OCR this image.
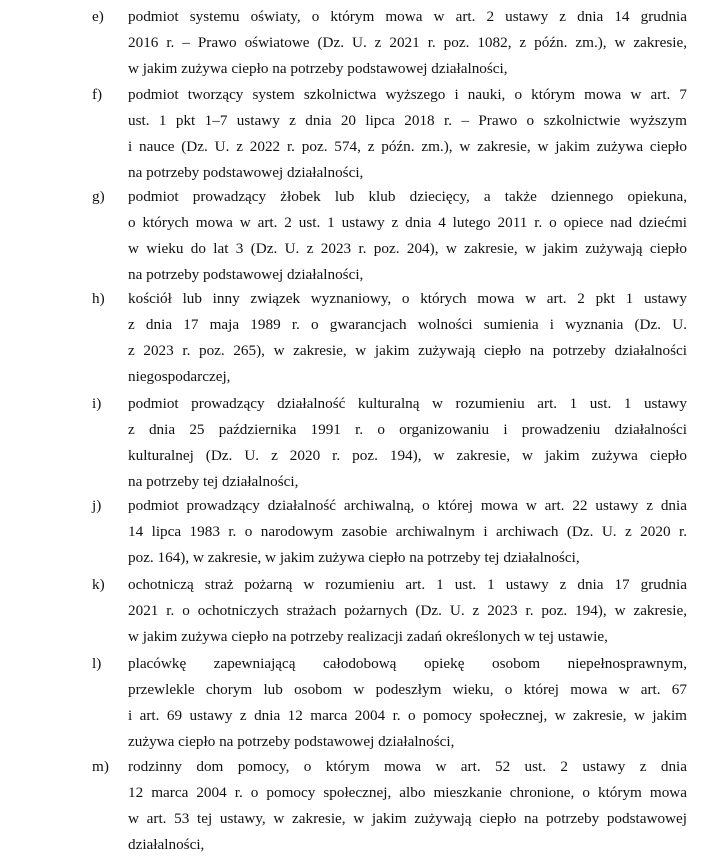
e) podmiot systemu oświaty, o którym mowa w art. 2 ustawy z dnia 14 grudnia
2016 r. – Prawo oświatowe (Dz. U. z 2021 r. poz. 1082, z późn. zm.), w zakresie,
w jakim zużywa ciepło na potrzeby podstawowej działalności,
f) podmiot tworzący system szkolnictwa wyższego i nauki, o którym mowa w art. 7
ust. 1 pkt 1–7 ustawy z dnia 20 lipca 2018 r. – Prawo o szkolnictwie wyższym
i nauce (Dz. U. z 2022 r. poz. 574, z późn. zm.), w zakresie, w jakim zużywa ciepło
na potrzeby podstawowej działalności,
g) podmiot prowadzący żłobek lub klub dziecięcy, a także dziennego opiekuna,
o których mowa w art. 2 ust. 1 ustawy z dnia 4 lutego 2011 r. o opiece nad dziećmi
w wieku do lat 3 (Dz. U. z 2023 r. poz. 204), w zakresie, w jakim zużywają ciepło
na potrzeby podstawowej działalności,
h) kościół lub inny związek wyznaniowy, o których mowa w art. 2 pkt 1 ustawy
z dnia 17 maja 1989 r. o gwarancjach wolności sumienia i wyznania (Dz. U.
z 2023 r. poz. 265), w zakresie, w jakim zużywają ciepło na potrzeby działalności
niegospodarczej,
i) podmiot prowadzący działalność kulturalną w rozumieniu art. 1 ust. 1 ustawy
z dnia 25 października 1991 r. o organizowaniu i prowadzeniu działalności
kulturalnej (Dz. U. z 2020 r. poz. 194), w zakresie, w jakim zużywa ciepło
na potrzeby tej działalności,
j) podmiot prowadzący działalność archiwalną, o której mowa w art. 22 ustawy z dnia
14 lipca 1983 r. o narodowym zasobie archiwalnym i archiwach (Dz. U. z 2020 r.
poz. 164), w zakresie, w jakim zużywa ciepło na potrzeby tej działalności,
k) ochotniczą straż pożarną w rozumieniu art. 1 ust. 1 ustawy z dnia 17 grudnia
2021 r. o ochotniczych strażach pożarnych (Dz. U. z 2023 r. poz. 194), w zakresie,
w jakim zużywa ciepło na potrzeby realizacji zadań określonych w tej ustawie,
l) placówkę zapewniającą całodobową opiekę osobom niepełnosprawnym,
przewlekle chorym lub osobom w podeszłym wieku, o której mowa w art. 67
i art. 69 ustawy z dnia 12 marca 2004 r. o pomocy społecznej, w zakresie, w jakim
zużywa ciepło na potrzeby podstawowej działalności,
m) rodzinny dom pomocy, o którym mowa w art. 52 ust. 2 ustawy z dnia
12 marca 2004 r. o pomocy społecznej, albo mieszkanie chronione, o którym mowa
w art. 53 tej ustawy, w zakresie, w jakim zużywają ciepło na potrzeby podstawowej
działalności,
